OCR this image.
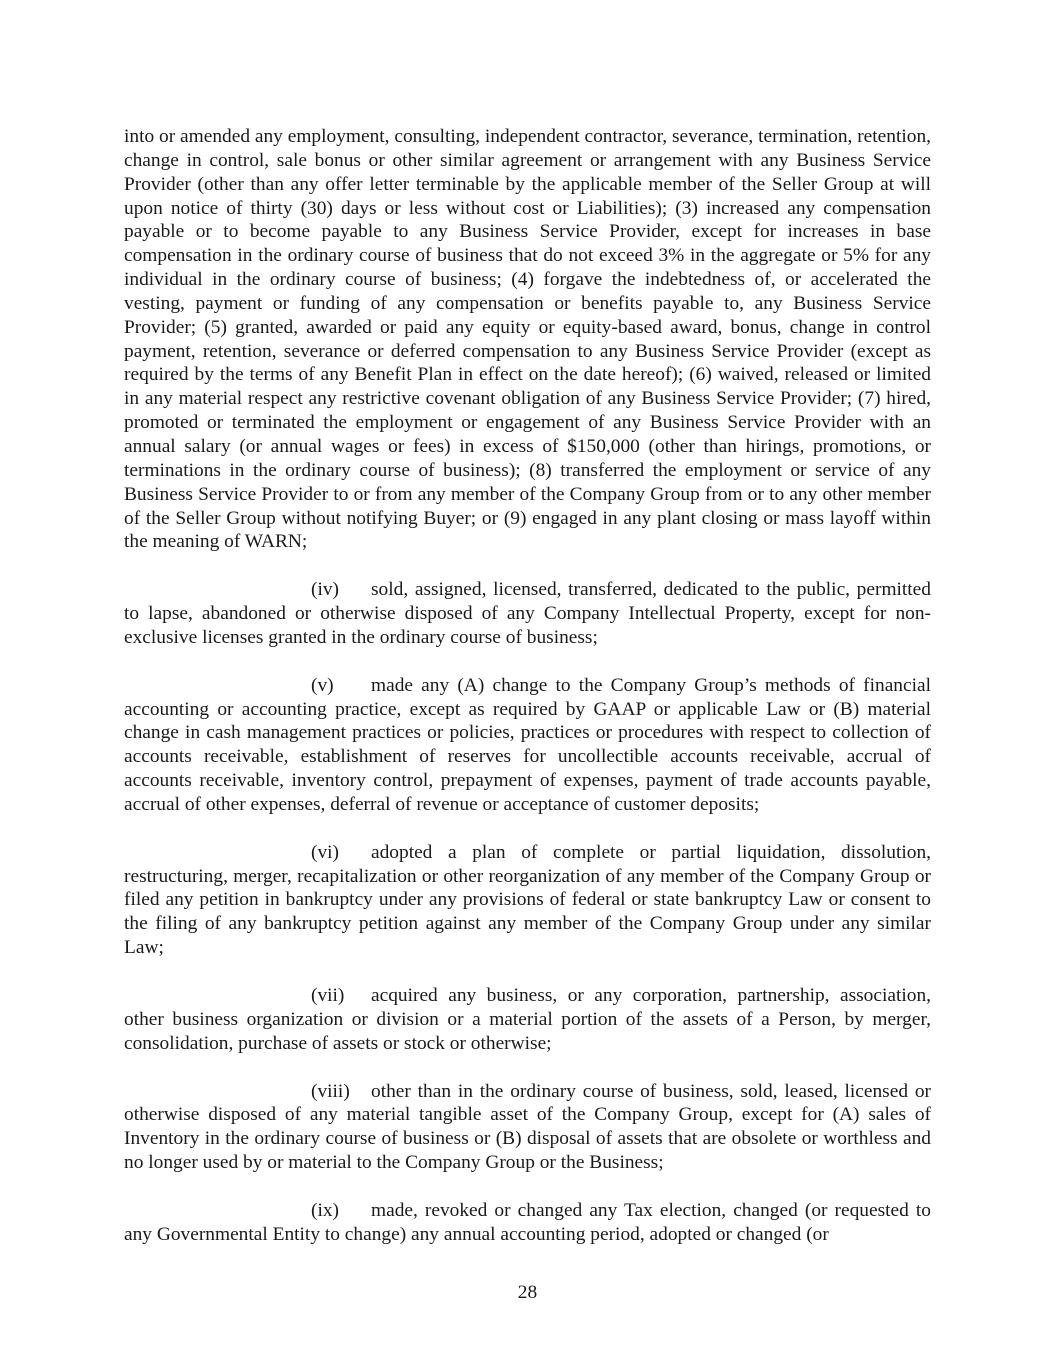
into or amended any employment, consulting, independent contractor, severance, termination, retention, change in control, sale bonus or other similar agreement or arrangement with any Business Service Provider (other than any offer letter terminable by the applicable member of the Seller Group at will upon notice of thirty (30) days or less without cost or Liabilities); (3) increased any compensation payable or to become payable to any Business Service Provider, except for increases in base compensation in the ordinary course of business that do not exceed 3% in the aggregate or 5% for any individual in the ordinary course of business; (4) forgave the indebtedness of, or accelerated the vesting, payment or funding of any compensation or benefits payable to, any Business Service Provider; (5) granted, awarded or paid any equity or equity-based award, bonus, change in control payment, retention, severance or deferred compensation to any Business Service Provider (except as required by the terms of any Benefit Plan in effect on the date hereof); (6) waived, released or limited in any material respect any restrictive covenant obligation of any Business Service Provider; (7) hired, promoted or terminated the employment or engagement of any Business Service Provider with an annual salary (or annual wages or fees) in excess of $150,000 (other than hirings, promotions, or terminations in the ordinary course of business); (8) transferred the employment or service of any Business Service Provider to or from any member of the Company Group from or to any other member of the Seller Group without notifying Buyer; or (9) engaged in any plant closing or mass layoff within the meaning of WARN;

(iv) sold, assigned, licensed, transferred, dedicated to the public, permitted to lapse, abandoned or otherwise disposed of any Company Intellectual Property, except for non-exclusive licenses granted in the ordinary course of business;

(v) made any (A) change to the Company Group’s methods of financial accounting or accounting practice, except as required by GAAP or applicable Law or (B) material change in cash management practices or policies, practices or procedures with respect to collection of accounts receivable, establishment of reserves for uncollectible accounts receivable, accrual of accounts receivable, inventory control, prepayment of expenses, payment of trade accounts payable, accrual of other expenses, deferral of revenue or acceptance of customer deposits;

(vi) adopted a plan of complete or partial liquidation, dissolution, restructuring, merger, recapitalization or other reorganization of any member of the Company Group or filed any petition in bankruptcy under any provisions of federal or state bankruptcy Law or consent to the filing of any bankruptcy petition against any member of the Company Group under any similar Law;

(vii) acquired any business, or any corporation, partnership, association, other business organization or division or a material portion of the assets of a Person, by merger, consolidation, purchase of assets or stock or otherwise;

(viii) other than in the ordinary course of business, sold, leased, licensed or otherwise disposed of any material tangible asset of the Company Group, except for (A) sales of Inventory in the ordinary course of business or (B) disposal of assets that are obsolete or worthless and no longer used by or material to the Company Group or the Business;

(ix) made, revoked or changed any Tax election, changed (or requested to any Governmental Entity to change) any annual accounting period, adopted or changed (or

28
